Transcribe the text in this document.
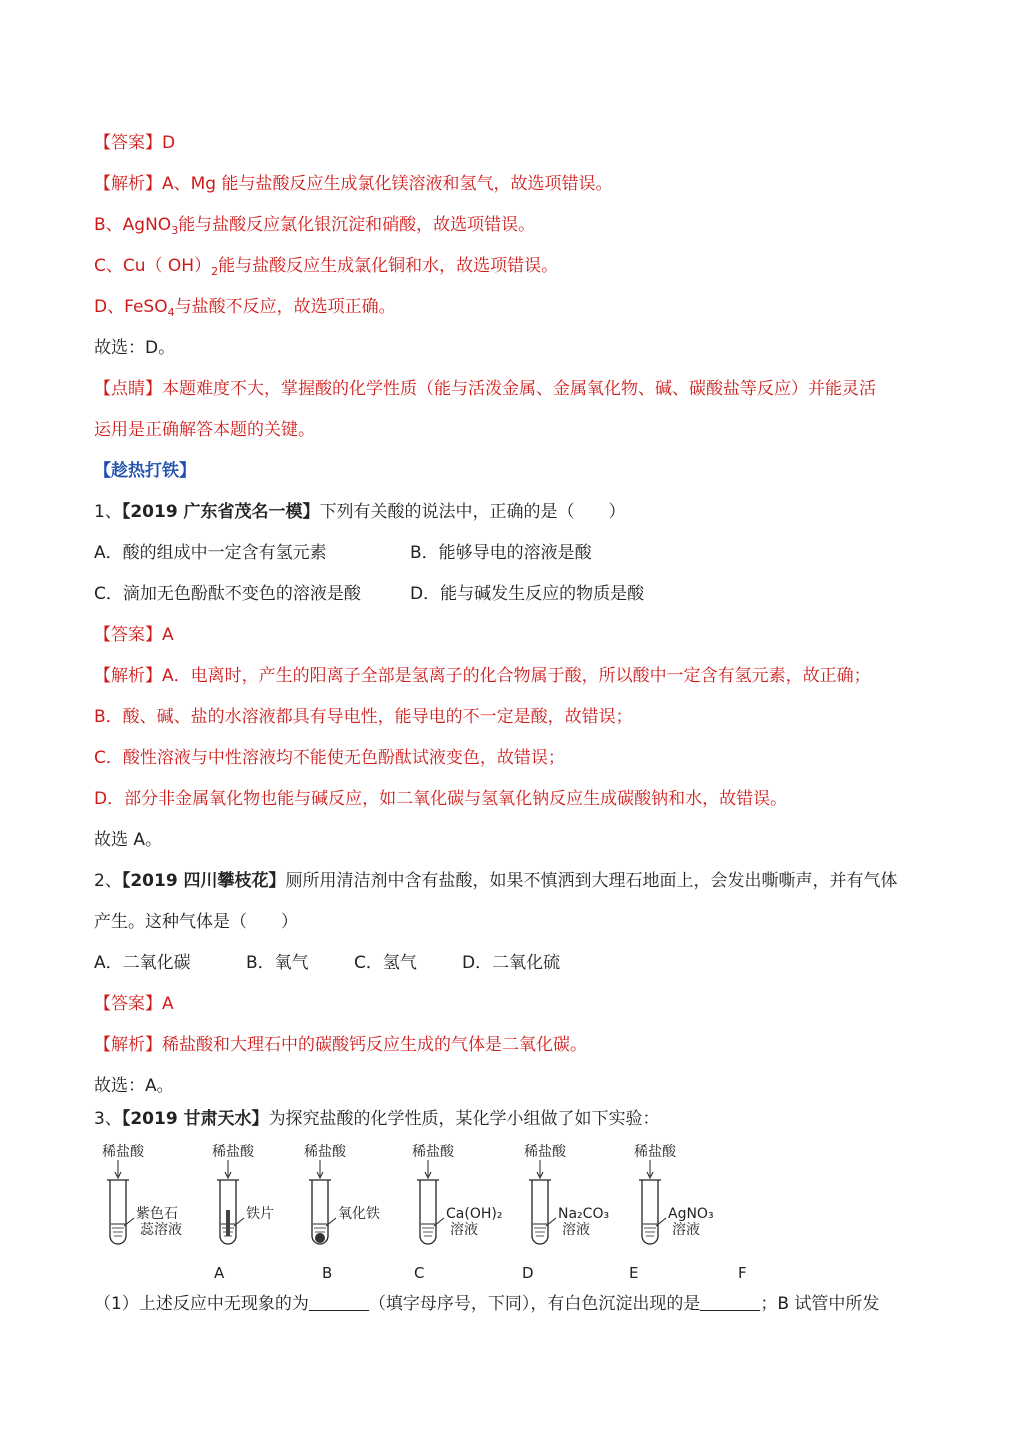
【答案】D
【解析】A、Mg 能与盐酸反应生成氯化镁溶液和氢气，故选项错误。
B、AgNO$_3$能与盐酸反应氯化银沉淀和硝酸，故选项错误。
C、Cu（ $OH)_2$能与盐酸反应生成氯化铜和水，故选项错误。
D、FeSO$_4$与盐酸不反应，故选项正确。
故选：D。
【点睛】本题难度不大，掌握酸的化学性质（能与活泼金属、金属氧化物、碱、碳酸盐等反应）并能灵活
运用是正确解答本题的关键。
【趁热打铁】
1、【2019 广东省茂名一模】下列有关酸的说法中，正确的是（　　）
A．酸的组成中一定含有氢元素	B．能够导电的溶液是酸
C．滴加无色酚酞不变色的溶液是酸	D．能与碱发生反应的物质是酸
【答案】A
【解析】A．电离时，产生的阳离子全部是氢离子的化合物属于酸，所以酸中一定含有氢元素，故正确；
B．酸、碱、盐的水溶液都具有导电性，能导电的不一定是酸，故错误；
C．酸性溶液与中性溶液均不能使无色酚酞试液变色，故错误；
D．部分非金属氧化物也能与碱反应，如二氧化碳与氢氧化钠反应生成碳酸钠和水，故错误。
故选 A。
2、【2019 四川攀枝花】厕所用清洁剂中含有盐酸，如果不慎洒到大理石地面上，会发出嘶嘶声，并有气体
产生。这种气体是（　　）
A．二氧化碳	B．氧气	C．氢气	D．二氧化硫
【答案】A
【解析】稀盐酸和大理石中的碳酸钙反应生成的气体是二氧化碳。
故选：A。
3、【2019 甘肃天水】为探究盐酸的化学性质，某化学小组做了如下实验：
稀盐酸
紫色石
蕊溶液
A
稀盐酸
铁片
B
稀盐酸
氧化铁
C
稀盐酸
Ca(OH)₂
溶液
D
稀盐酸
Na₂CO₃
溶液
E
稀盐酸
AgNO₃
溶液
F
（1）上述反应中无现象的为	（填字母序号，下同），有白色沉淀出现的是	；B 试管中所发
